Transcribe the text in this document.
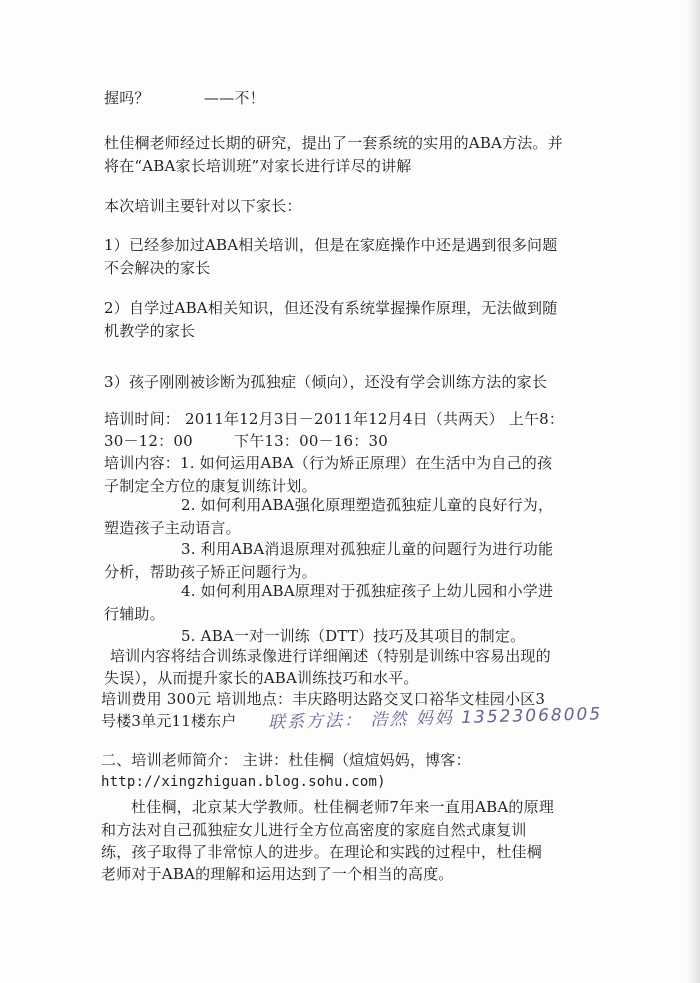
握吗？	——不！
杜佳棡老师经过长期的研究，提出了一套系统的实用的ABA方法。并
将在“ABA家长培训班”对家长进行详尽的讲解
本次培训主要针对以下家长：
1）已经参加过ABA相关培训，但是在家庭操作中还是遇到很多问题
不会解决的家长
2）自学过ABA相关知识，但还没有系统掌握操作原理，无法做到随
机教学的家长
3）孩子刚刚被诊断为孤独症（倾向），还没有学会训练方法的家长
培训时间： 2011年12月3日－2011年12月4日（共两天） 上午8：
30－12：00	下午13：00－16：30
培训内容：1. 如何运用ABA（行为矫正原理）在生活中为自己的孩
子制定全方位的康复训练计划。
2. 如何利用ABA强化原理塑造孤独症儿童的良好行为，
塑造孩子主动语言。
3. 利用ABA消退原理对孤独症儿童的问题行为进行功能
分析，帮助孩子矫正问题行为。
4. 如何利用ABA原理对于孤独症孩子上幼儿园和小学进
行辅助。
5. ABA一对一训练（DTT）技巧及其项目的制定。
培训内容将结合训练录像进行详细阐述（特别是训练中容易出现的
失误），从而提升家长的ABA训练技巧和水平。
培训费用 300元 培训地点：丰庆路明达路交叉口裕华文桂园小区3
号楼3单元11楼东户 联系方法： 浩然 妈妈 13523068005
二、培训老师简介： 主讲：杜佳棡（煊煊妈妈，博客：
http://xingzhiguan.blog.sohu.com)
杜佳棡，北京某大学教师。杜佳棡老师7年来一直用ABA的原理
和方法对自己孤独症女儿进行全方位高密度的家庭自然式康复训
练，孩子取得了非常惊人的进步。在理论和实践的过程中，杜佳棡
老师对于ABA的理解和运用达到了一个相当的高度。
